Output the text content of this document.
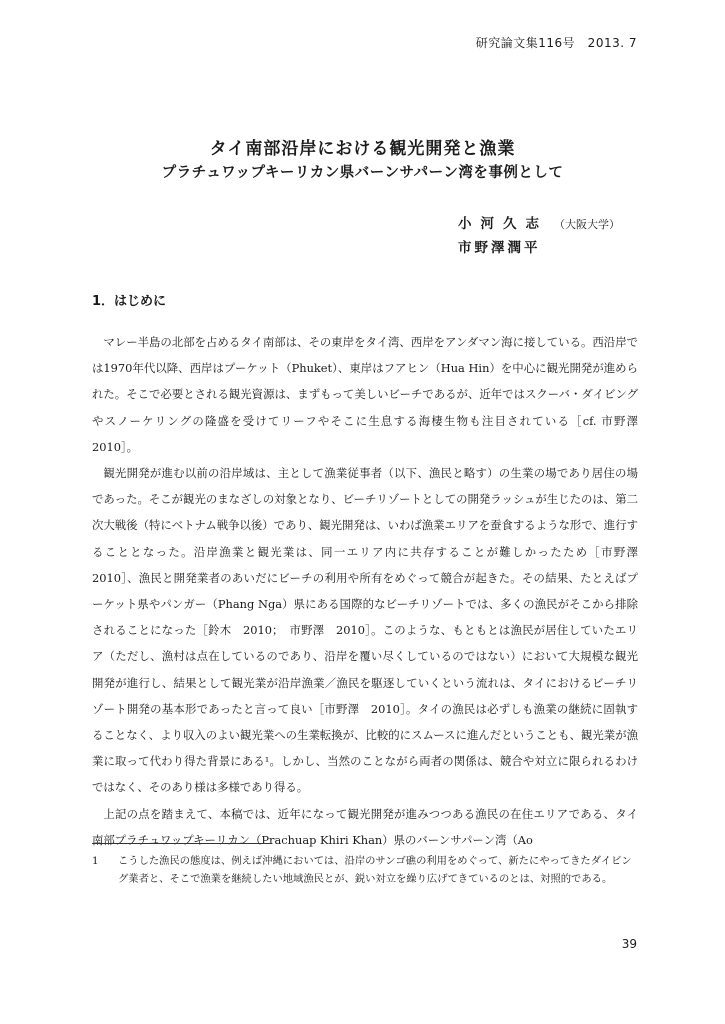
研究論文集116号　2013. 7
タイ南部沿岸における観光開発と漁業
プラチュワップキーリカン県バーンサパーン湾を事例として
小河久志 （大阪大学）
市野澤潤平
1．はじめに

マレー半島の北部を占めるタイ南部は、その東岸をタイ湾、西岸をアンダマン海に接している。西沿岸では1970年代以降、西岸はプーケット（Phuket）、東岸はフアヒン（Hua Hin）を中心に観光開発が進められた。そこで必要とされる観光資源は、まずもって美しいビーチであるが、近年ではスクーバ・ダイビングやスノーケリングの隆盛を受けてリーフやそこに生息する海棲生物も注目されている［cf. 市野澤　2010］。

観光開発が進む以前の沿岸域は、主として漁業従事者（以下、漁民と略す）の生業の場であり居住の場であった。そこが観光のまなざしの対象となり、ビーチリゾートとしての開発ラッシュが生じたのは、第二次大戦後（特にベトナム戦争以後）であり、観光開発は、いわば漁業エリアを蚕食するような形で、進行することとなった。沿岸漁業と観光業は、同一エリア内に共存することが難しかったため［市野澤　2010］、漁民と開発業者のあいだにビーチの利用や所有をめぐって競合が起きた。その結果、たとえばプーケット県やパンガー（Phang Nga）県にある国際的なビーチリゾートでは、多くの漁民がそこから排除されることになった［鈴木　2010；　市野澤　2010］。このような、もともとは漁民が居住していたエリア（ただし、漁村は点在しているのであり、沿岸を覆い尽くしているのではない）において大規模な観光開発が進行し、結果として観光業が沿岸漁業／漁民を駆逐していくという流れは、タイにおけるビーチリゾート開発の基本形であったと言って良い［市野澤　2010］。タイの漁民は必ずしも漁業の継続に固執することなく、より収入のよい観光業への生業転換が、比較的にスムースに進んだということも、観光業が漁業に取って代わり得た背景にある¹。しかし、当然のことながら両者の関係は、競合や対立に限られるわけではなく、そのあり様は多様であり得る。

上記の点を踏まえて、本稿では、近年になって観光開発が進みつつある漁民の在住エリアである、タイ南部プラチュワップキーリカン（Prachuap Khiri Khan）県のバーンサパーン湾（Ao

1 こうした漁民の態度は、例えば沖縄においては、沿岸のサンゴ礁の利用をめぐって、新たにやってきたダイビング業者と、そこで漁業を継続したい地域漁民とが、鋭い対立を繰り広げてきているのとは、対照的である。
39
